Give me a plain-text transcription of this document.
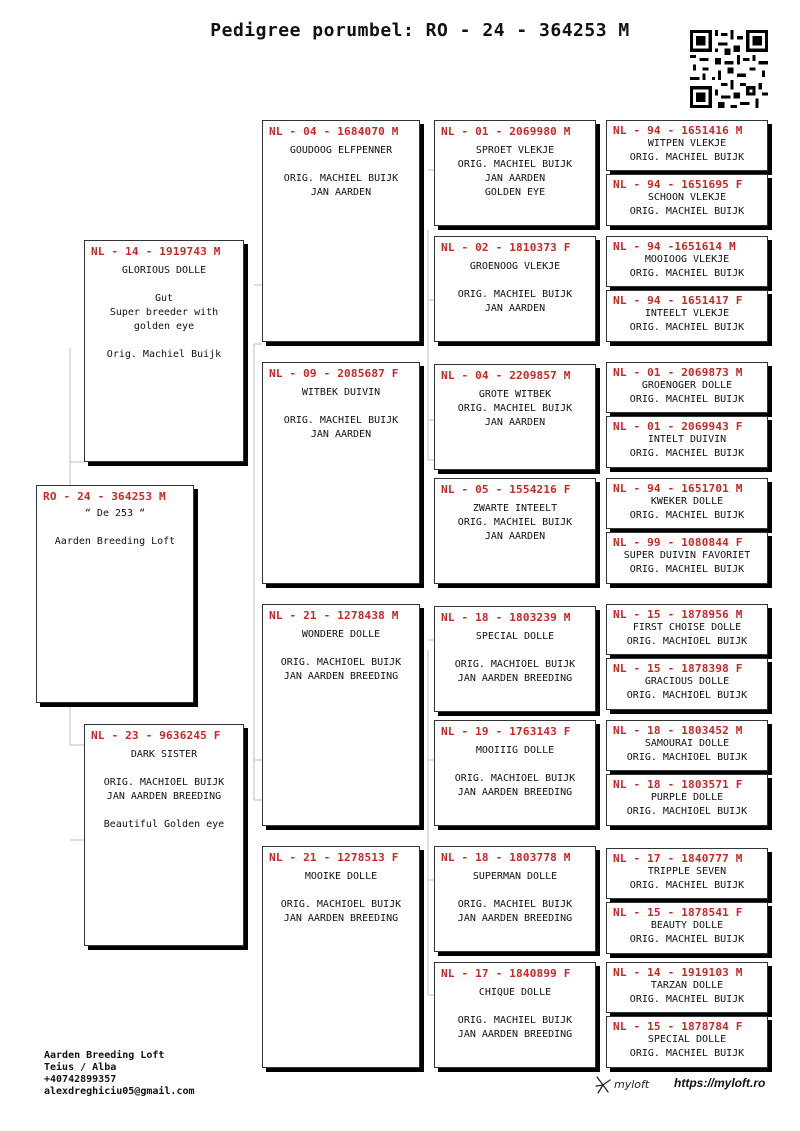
Pedigree porumbel: RO - 24 - 364253 M
RO - 24 - 364253 M
“ De 253 “

Aarden Breeding Loft
NL - 14 - 1919743 M
GLORIOUS DOLLE

Gut
Super breeder with
golden eye

Orig. Machiel Buijk
NL - 23 - 9636245 F
DARK SISTER

ORIG. MACHIOEL BUIJK
JAN AARDEN BREEDING

Beautiful Golden eye
NL - 04 - 1684070 M
GOUDOOG ELFPENNER

ORIG. MACHIEL BUIJK
JAN AARDEN
NL - 09 - 2085687 F
WITBEK DUIVIN

ORIG. MACHIEL BUIJK
JAN AARDEN
NL - 21 - 1278438 M
WONDERE DOLLE

ORIG. MACHIOEL BUIJK
JAN AARDEN BREEDING
NL - 21 - 1278513 F
MOOIKE DOLLE

ORIG. MACHIOEL BUIJK
JAN AARDEN BREEDING
NL - 01 - 2069980 M
SPROET VLEKJE
ORIG. MACHIEL BUIJK
JAN AARDEN
GOLDEN EYE
NL - 02 - 1810373 F
GROENOOG VLEKJE

ORIG. MACHIEL BUIJK
JAN AARDEN
NL - 04 - 2209857 M
GROTE WITBEK
ORIG. MACHIEL BUIJK
JAN AARDEN
NL - 05 - 1554216 F
ZWARTE INTEELT
ORIG. MACHIEL BUIJK
JAN AARDEN
NL - 18 - 1803239 M
SPECIAL DOLLE

ORIG. MACHIOEL BUIJK
JAN AARDEN BREEDING
NL - 19 - 1763143 F
MOOIIIG DOLLE

ORIG. MACHIOEL BUIJK
JAN AARDEN BREEDING
NL - 18 - 1803778 M
SUPERMAN DOLLE

ORIG. MACHIEL BUIJK
JAN AARDEN BREEDING
NL - 17 - 1840899 F
CHIQUE DOLLE

ORIG. MACHIEL BUIJK
JAN AARDEN BREEDING
NL - 94 - 1651416 M
WITPEN VLEKJE
ORIG. MACHIEL BUIJK
NL - 94 - 1651695 F
SCHOON VLEKJE
ORIG. MACHIEL BUIJK
NL - 94 -1651614 M
MOOIOOG VLEKJE
ORIG. MACHIEL BUIJK
NL - 94 - 1651417 F
INTEELT VLEKJE
ORIG. MACHIEL BUIJK
NL - 01 - 2069873 M
GROENOGER DOLLE
ORIG. MACHIEL BUIJK
NL - 01 - 2069943 F
INTELT DUIVIN
ORIG. MACHIEL BUIJK
NL - 94 - 1651701 M
KWEKER DOLLE
ORIG. MACHIEL BUIJK
NL - 99 - 1080844 F
SUPER DUIVIN FAVORIET
ORIG. MACHIEL BUIJK
NL - 15 - 1878956 M
FIRST CHOISE DOLLE
ORIG. MACHIOEL BUIJK
NL - 15 - 1878398 F
GRACIOUS DOLLE
ORIG. MACHIOEL BUIJK
NL - 18 - 1803452 M
SAMOURAI DOLLE
ORIG. MACHIOEL BUIJK
NL - 18 - 1803571 F
PURPLE DOLLE
ORIG. MACHIOEL BUIJK
NL - 17 - 1840777 M
TRIPPLE SEVEN
ORIG. MACHIEL BUIJK
NL - 15 - 1878541 F
BEAUTY DOLLE
ORIG. MACHIEL BUIJK
NL - 14 - 1919103 M
TARZAN DOLLE
ORIG. MACHIEL BUIJK
NL - 15 - 1878784 F
SPECIAL DOLLE
ORIG. MACHIEL BUIJK
Aarden Breeding Loft
Teius / Alba
+40742899357
alexdreghiciu05@gmail.com
myloft https://myloft.ro
